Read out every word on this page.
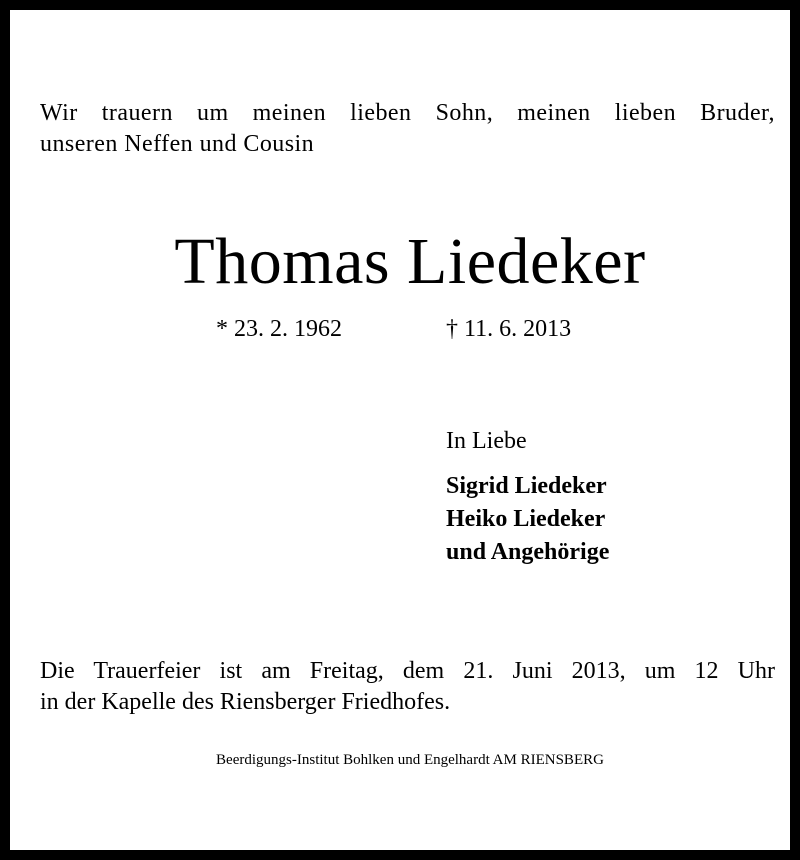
Wir trauern um meinen lieben Sohn, meinen lieben Bruder,
unseren Neffen und Cousin
Thomas Liedeker
* 23. 2. 1962	† 11. 6. 2013
In Liebe
Sigrid Liedeker
Heiko Liedeker
und Angehörige
Die Trauerfeier ist am Freitag, dem 21. Juni 2013, um 12 Uhr
in der Kapelle des Riensberger Friedhofes.
Beerdigungs-Institut Bohlken und Engelhardt AM RIENSBERG
